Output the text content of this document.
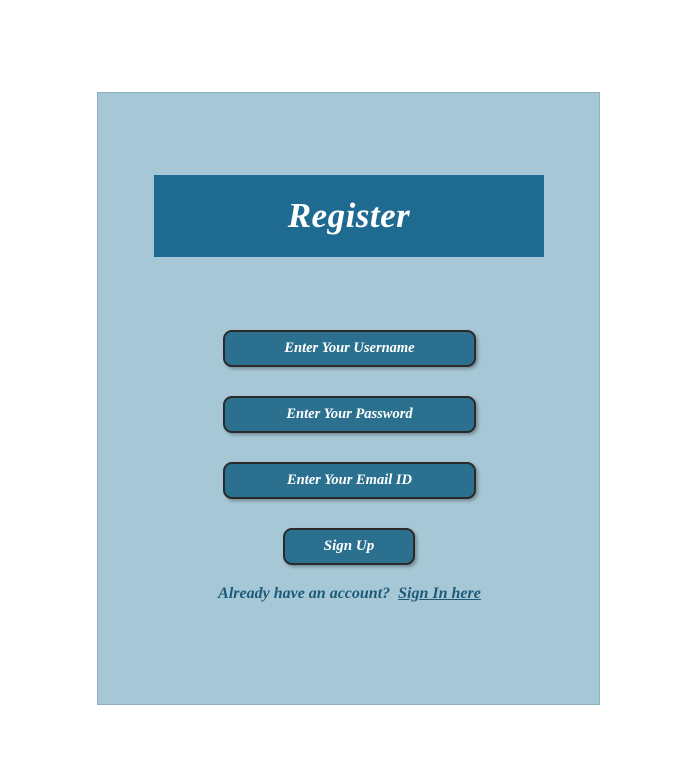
Register
Enter Your Username
Enter Your Password
Enter Your Email ID
Sign Up
Already have an account? Sign In here
